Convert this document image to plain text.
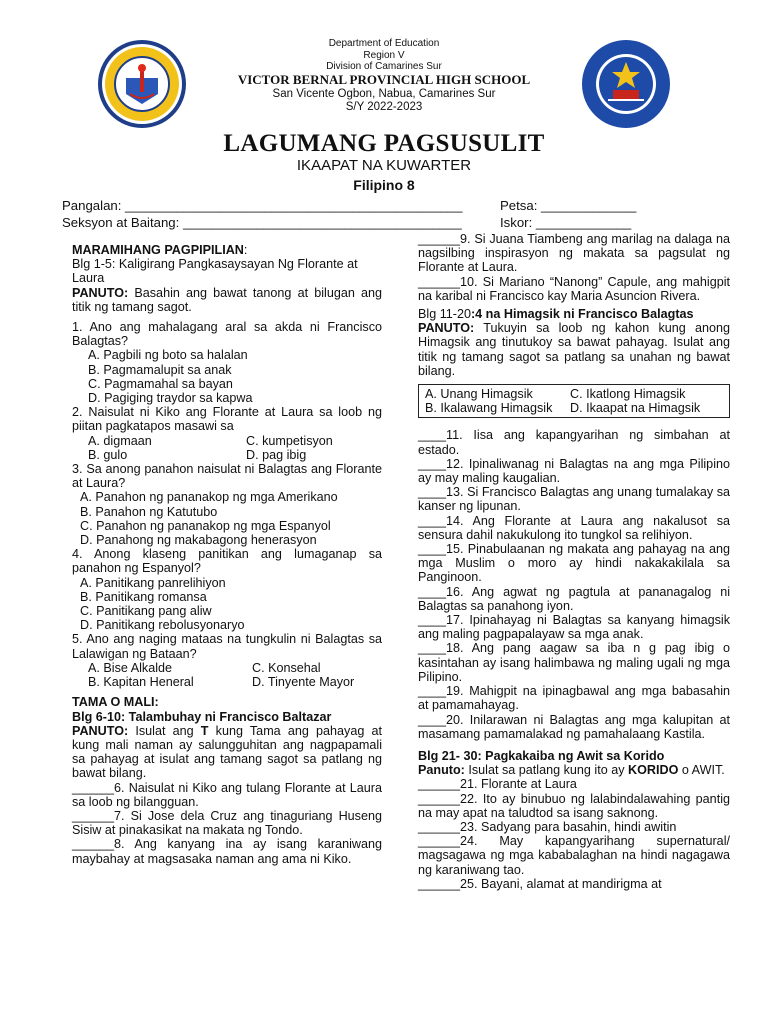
Department of Education
Region V
Division of Camarines Sur
VICTOR BERNAL PROVINCIAL HIGH SCHOOL
San Vicente Ogbon, Nabua, Camarines Sur
S/Y 2022-2023
LAGUMANG PAGSUSULIT
IKAAPAT NA KUWARTER
Filipino 8
Pangalan: ______________________________________________	Petsa: _____________
Seksyon at Baitang: ______________________________________	Iskor: _____________

MARAMIHANG PAGPIPILIAN:

Blg 1-5: Kaligirang Pangkasaysayan Ng Florante at Laura

PANUTO: Basahin ang bawat tanong at bilugan ang titik ng tamang sagot.

1. Ano ang mahalagang aral sa akda ni Francisco Balagtas?

A. Pagbili ng boto sa halalan

B. Pagmamalupit sa anak

C. Pagmamahal sa bayan

D. Pagiging traydor sa kapwa

2. Naisulat ni Kiko ang Florante at Laura sa loob ng piitan pagkatapos masawi sa

A. digmaan	C. kumpetisyon
B. gulo	D. pag ibig

3. Sa anong panahon naisulat ni Balagtas ang Florante at Laura?

A. Panahon ng pananakop ng mga Amerikano

B. Panahon ng Katutubo

C. Panahon ng pananakop ng mga Espanyol

D. Panahong ng makabagong henerasyon

4. Anong klaseng panitikan ang lumaganap sa panahon ng Espanyol?

A. Panitikang panrelihiyon

B. Panitikang romansa

C. Panitikang pang aliw

D. Panitikang rebolusyonaryo

5. Ano ang naging mataas na tungkulin ni Balagtas sa Lalawigan ng Bataan?

A. Bise Alkalde	C. Konsehal
B. Kapitan Heneral	D. Tinyente Mayor

TAMA O MALI:

Blg 6-10: Talambuhay ni Francisco Baltazar

PANUTO: Isulat ang T kung Tama ang pahayag at kung mali naman ay salungguhitan ang nagpapamali sa pahayag at isulat ang tamang sagot sa patlang ng bawat bilang.

______6. Naisulat ni Kiko ang tulang Florante at Laura sa loob ng bilangguan.

______7. Si Jose dela Cruz ang tinaguriang Huseng Sisiw at pinakasikat na makata ng Tondo.

______8. Ang kanyang ina ay isang karaniwang maybahay at magsasaka naman ang ama ni Kiko.

______9. Si Juana Tiambeng ang marilag na dalaga na nagsilbing inspirasyon ng makata sa pagsulat ng Florante at Laura.

______10. Si Mariano “Nanong” Capule, ang mahigpit na karibal ni Francisco kay Maria Asuncion Rivera.

Blg 11-20:4 na Himagsik ni Francisco Balagtas

PANUTO: Tukuyin sa loob ng kahon kung anong Himagsik ang tinutukoy sa bawat pahayag. Isulat ang titik ng tamang sagot sa patlang sa unahan ng bawat bilang.

A. Unang Himagsik	C. Ikatlong Himagsik
B. Ikalawang Himagsik	D. Ikaapat na Himagsik

____11. Iisa ang kapangyarihan ng simbahan at estado.

____12. Ipinaliwanag ni Balagtas na ang mga Pilipino ay may maling kaugalian.

____13. Si Francisco Balagtas ang unang tumalakay sa kanser ng lipunan.

____14. Ang Florante at Laura ang nakalusot sa sensura dahil nakukulong ito tungkol sa relihiyon.

____15. Pinabulaanan ng makata ang pahayag na ang mga Muslim o moro ay hindi nakakakilala sa Panginoon.

____16. Ang agwat ng pagtula at pananagalog ni Balagtas sa panahong iyon.

____17. Ipinahayag ni Balagtas sa kanyang himagsik ang maling pagpapalayaw sa mga anak.

____18. Ang pang aagaw sa iba n g pag ibig o kasintahan ay isang halimbawa ng maling ugali ng mga Pilipino.

____19. Mahigpit na ipinagbawal ang mga babasahin at pamamahayag.

____20. Inilarawan ni Balagtas ang mga kalupitan at masamang pamamalakad ng pamahalaang Kastila.

Blg 21- 30: Pagkakaiba ng Awit sa Korido

Panuto: Isulat sa patlang kung ito ay KORIDO o AWIT.

______21. Florante at Laura

______22. Ito ay binubuo ng lalabindalawahing pantig na may apat na taludtod sa isang saknong.

______23. Sadyang para basahin, hindi awitin

______24. May kapangyarihang supernatural/ magsagawa ng mga kababalaghan na hindi nagagawa ng karaniwang tao.

______25. Bayani, alamat at mandirigma at
